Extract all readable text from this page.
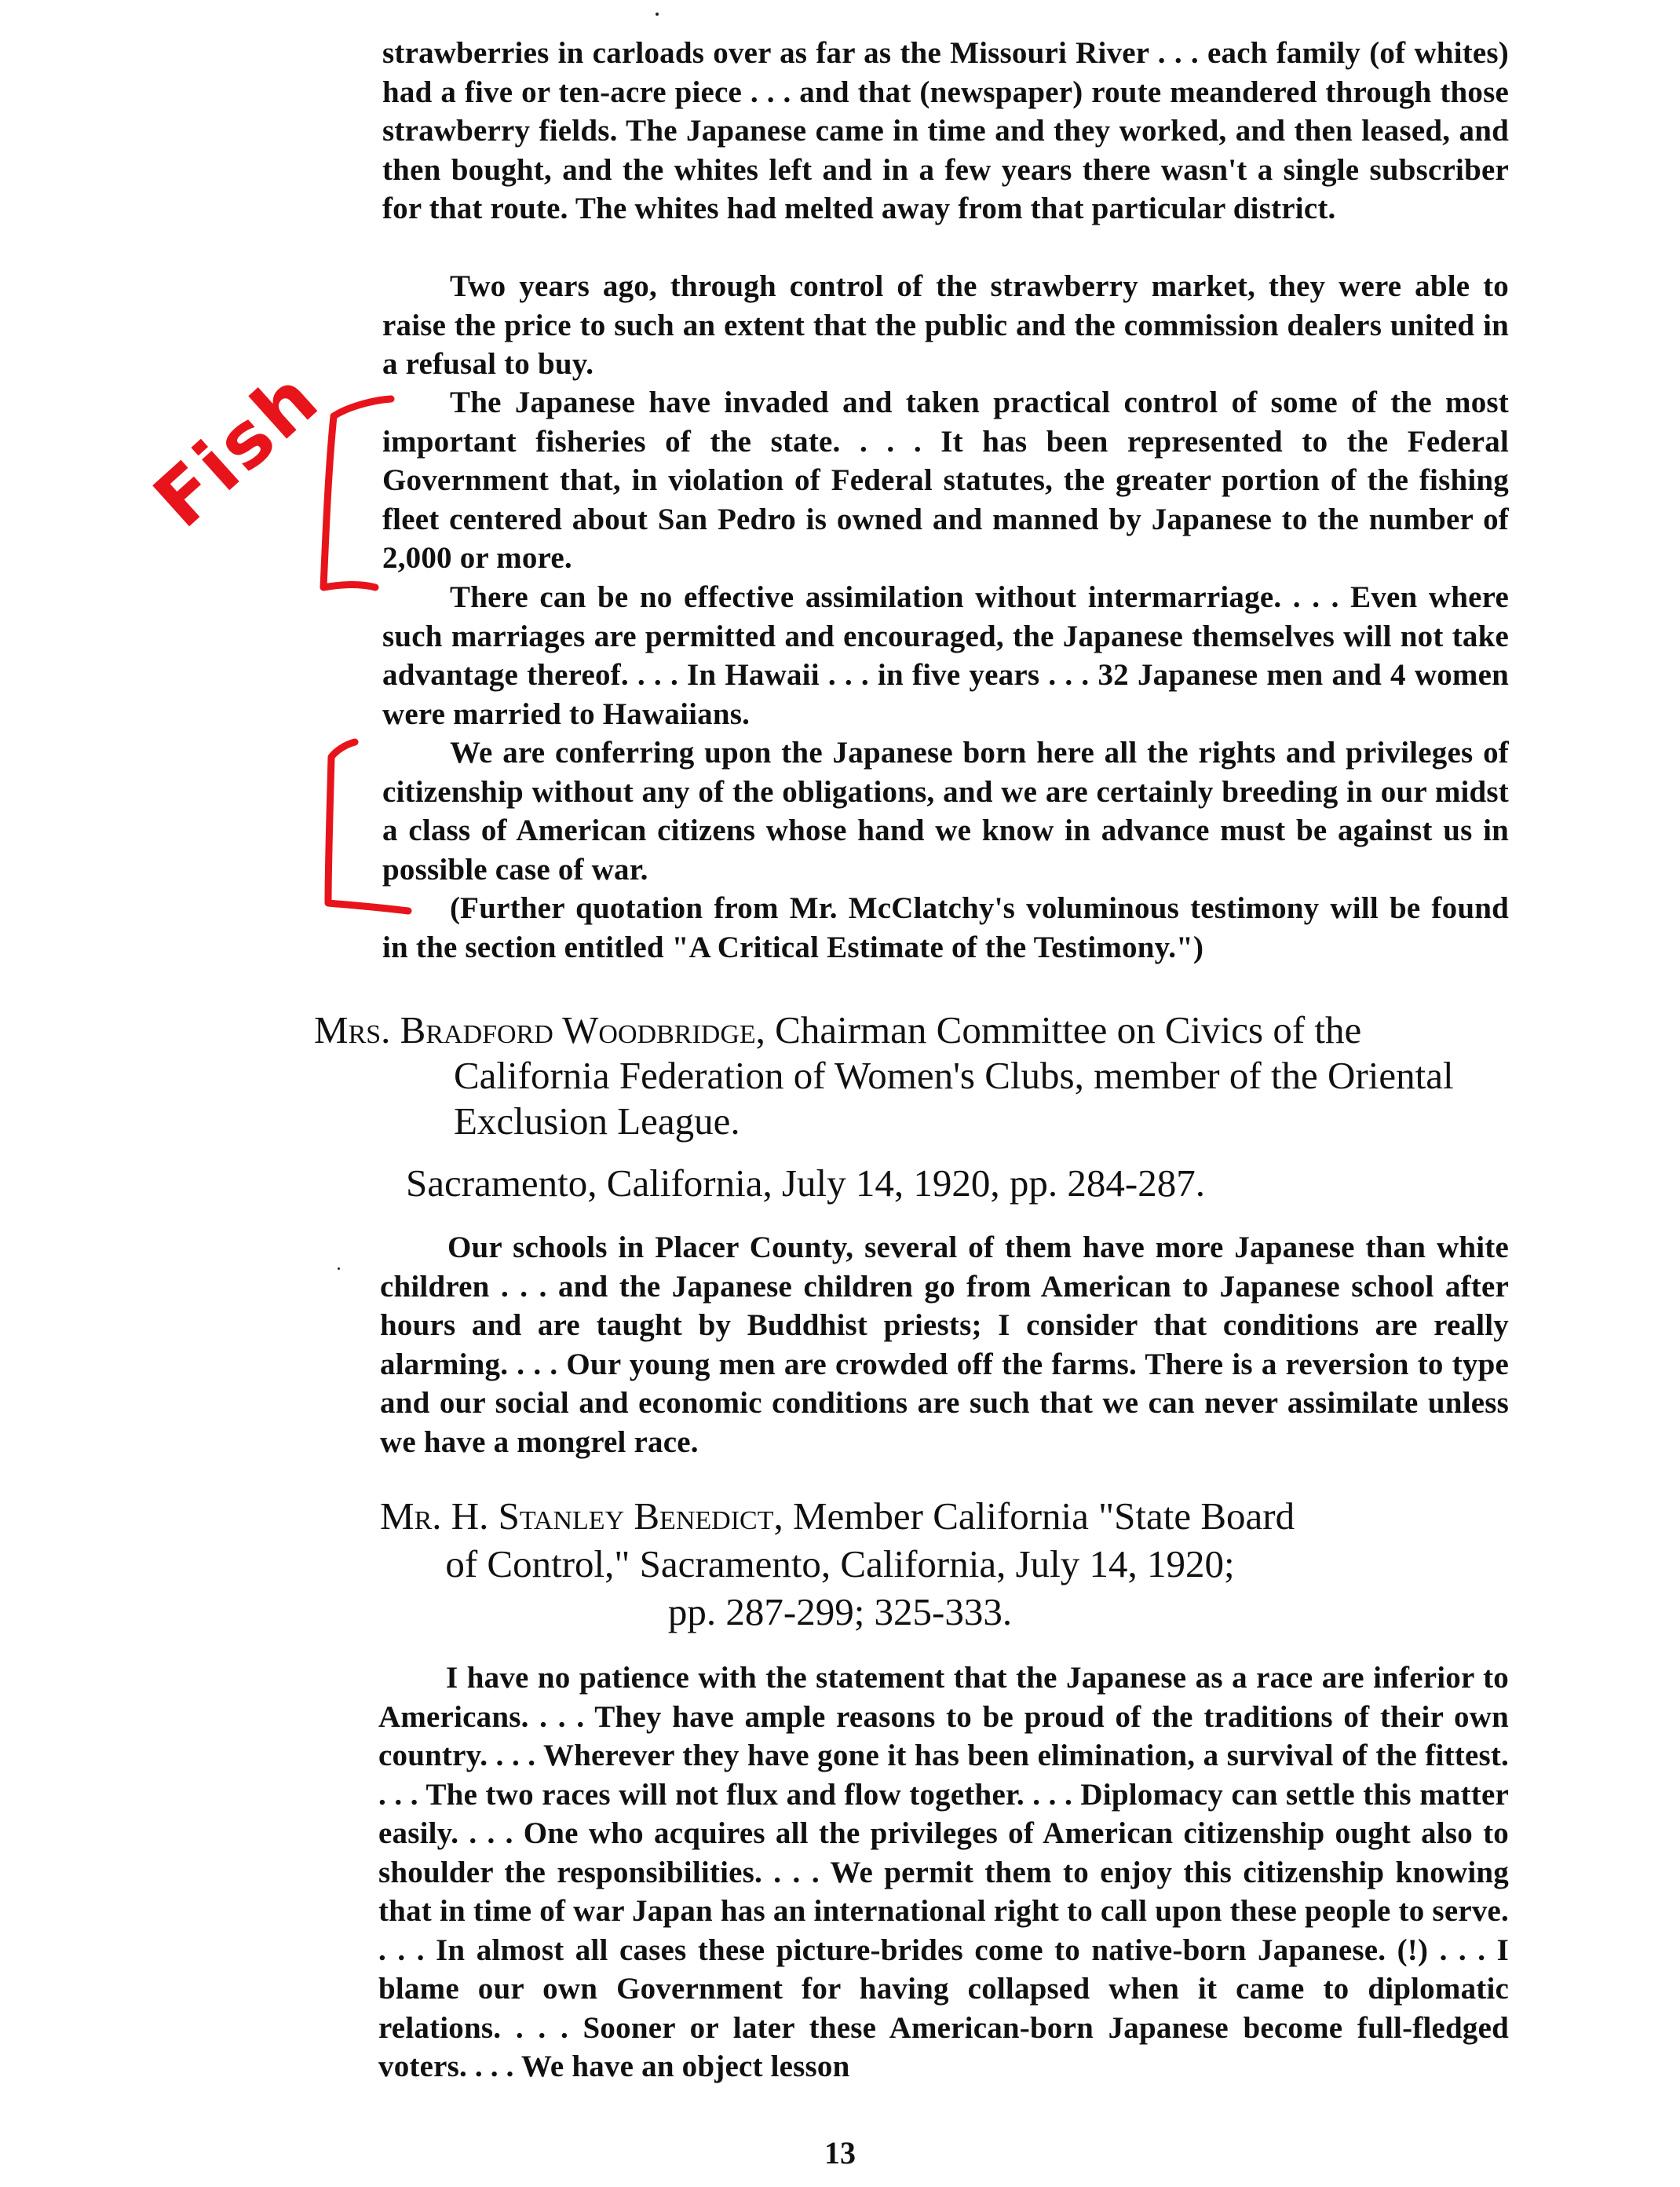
strawberries in carloads over as far as the Missouri River . . . each family (of whites) had a five or ten-acre piece . . . and that (newspaper) route meandered through those strawberry fields. The Japanese came in time and they worked, and then leased, and then bought, and the whites left and in a few years there wasn't a single subscriber for that route. The whites had melted away from that particular district.

Two years ago, through control of the strawberry market, they were able to raise the price to such an extent that the public and the commission dealers united in a refusal to buy.

The Japanese have invaded and taken practical control of some of the most important fisheries of the state. . . . It has been represented to the Federal Government that, in violation of Federal statutes, the greater portion of the fishing fleet centered about San Pedro is owned and manned by Japanese to the number of 2,000 or more.

There can be no effective assimilation without intermarriage. . . . Even where such marriages are permitted and encouraged, the Japanese themselves will not take advantage thereof. . . . In Hawaii . . . in five years . . . 32 Japanese men and 4 women were married to Hawaiians.

We are conferring upon the Japanese born here all the rights and privileges of citizenship without any of the obligations, and we are certainly breeding in our midst a class of American citizens whose hand we know in advance must be against us in possible case of war.

(Further quotation from Mr. McClatchy's voluminous testimony will be found in the section entitled "A Critical Estimate of the Testimony.")

Mrs. Bradford Woodbridge, Chairman Committee on Civics of the
California Federation of Women's Clubs, member of the Oriental
Exclusion League.
Sacramento, California, July 14, 1920, pp. 284-287.

Our schools in Placer County, several of them have more Japanese than white children . . . and the Japanese children go from American to Japanese school after hours and are taught by Buddhist priests; I consider that conditions are really alarming. . . . Our young men are crowded off the farms. There is a reversion to type and our social and economic conditions are such that we can never assimilate unless we have a mongrel race.

Mr. H. Stanley Benedict, Member California "State Board
of Control," Sacramento, California, July 14, 1920;
pp. 287-299; 325-333.

I have no patience with the statement that the Japanese as a race are inferior to Americans. . . . They have ample reasons to be proud of the traditions of their own country. . . . Wherever they have gone it has been elimination, a survival of the fittest. . . . The two races will not flux and flow together. . . . Diplomacy can settle this matter easily. . . . One who acquires all the privileges of American citizenship ought also to shoulder the responsibilities. . . . We permit them to enjoy this citizenship knowing that in time of war Japan has an international right to call upon these people to serve. . . . In almost all cases these picture-brides come to native-born Japanese. (!) . . . I blame our own Government for having collapsed when it came to diplomatic relations. . . . Sooner or later these American-born Japanese become full-fledged voters. . . . We have an object lesson

13
Fish
